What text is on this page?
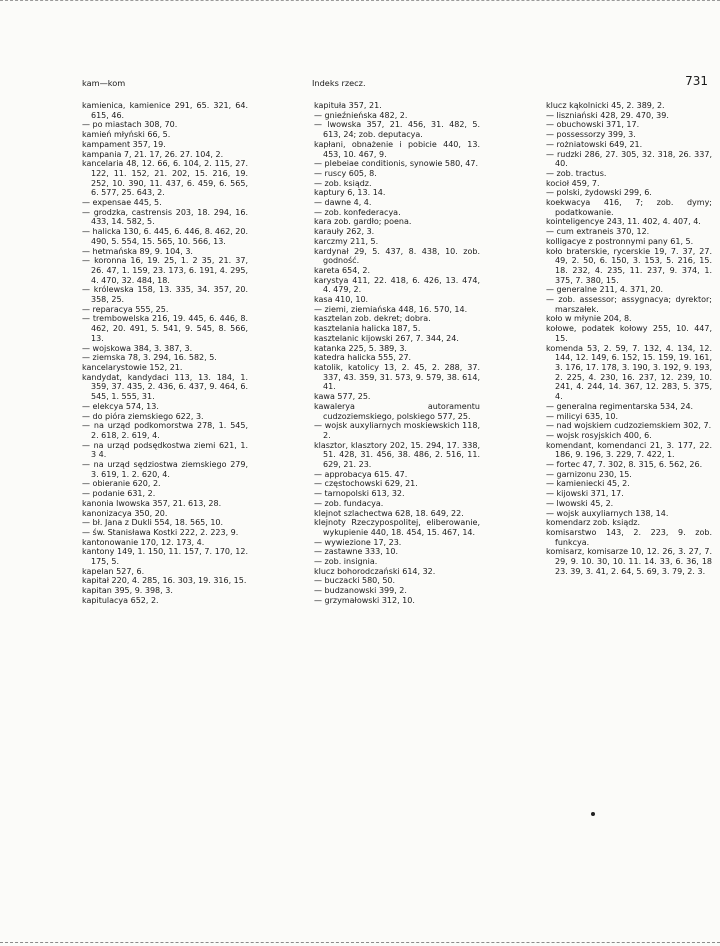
kam—kom	Indeks rzecz.	731
kamienica, kamienice 291, 65. 321, 64. 615, 46.
— po miastach 308, 70.
kamień młyński 66, 5.
kampament 357, 19.
kampania 7, 21. 17, 26. 27. 104, 2.
kancelaria 48, 12. 66, 6. 104, 2. 115, 27. 122, 11. 152, 21. 202, 15. 216, 19. 252, 10. 390, 11. 437, 6. 459, 6. 565, 6. 577, 25. 643, 2.
— expensae 445, 5.
— grodzka, castrensis 203, 18. 294, 16. 433, 14. 582, 5.
— halicka 130, 6. 445, 6. 446, 8. 462, 20. 490, 5. 554, 15. 565, 10. 566, 13.
— hetmańska 89, 9. 104, 3.
— koronna 16, 19. 25, 1. 2 35, 21. 37, 26. 47, 1. 159, 23. 173, 6. 191, 4. 295, 4. 470, 32. 484, 18.
— królewska 158, 13. 335, 34. 357, 20. 358, 25.
— reparacya 555, 25.
— trembowelska 216, 19. 445, 6. 446, 8. 462, 20. 491, 5. 541, 9. 545, 8. 566, 13.
— wojskowa 384, 3. 387, 3.
— ziemska 78, 3. 294, 16. 582, 5.
kancelarystowie 152, 21.
kandydat, kandydaci 113, 13. 184, 1. 359, 37. 435, 2. 436, 6. 437, 9. 464, 6. 545, 1. 555, 31.
— elekcya 574, 13.
— do pióra ziemskiego 622, 3.
— na urząd podkomorstwa 278, 1. 545, 2. 618, 2. 619, 4.
— na urząd podsędkostwa ziemi 621, 1. 3 4.
— na urząd sędziostwa ziemskiego 279, 3. 619, 1. 2. 620, 4.
— obieranie 620, 2.
— podanie 631, 2.
kanonia lwowska 357, 21. 613, 28.
kanonizacya 350, 20.
— bł. Jana z Dukli 554, 18. 565, 10.
— św. Stanisława Kostki 222, 2. 223, 9.
kantonowanie 170, 12. 173, 4.
kantony 149, 1. 150, 11. 157, 7. 170, 12. 175, 5.
kapelan 527, 6.
kapitał 220, 4. 285, 16. 303, 19. 316, 15.
kapitan 395, 9. 398, 3.
kapitulacya 652, 2.
kapituła 357, 21.
— gnieźnieńska 482, 2.
— lwowska 357, 21. 456, 31. 482, 5. 613, 24; zob. deputacya.
kapłani, obnażenie i pobicie 440, 13. 453, 10. 467, 9.
— plebeiae conditionis, synowie 580, 47.
— ruscy 605, 8.
— zob. ksiądz.
kaptury 6, 13. 14.
— dawne 4, 4.
— zob. konfederacya.
kara zob. gardło; poena.
karauły 262, 3.
karczmy 211, 5.
kardynał 29, 5. 437, 8. 438, 10. zob. godność.
kareta 654, 2.
karystya 411, 22. 418, 6. 426, 13. 474, 4. 479, 2.
kasa 410, 10.
— ziemi, ziemiańska 448, 16. 570, 14.
kasztelan zob. dekret; dobra.
kasztelania halicka 187, 5.
kasztelanic kijowski 267, 7. 344, 24.
katanka 225, 5. 389, 3.
katedra halicka 555, 27.
katolik, katolicy 13, 2. 45, 2. 288, 37. 337, 43. 359, 31. 573, 9. 579, 38. 614, 41.
kawa 577, 25.
kawalerya autoramentu cudzoziemskiego, polskiego 577, 25.
— wojsk auxyliarnych moskiewskich 118, 2.
klasztor, klasztory 202, 15. 294, 17. 338, 51. 428, 31. 456, 38. 486, 2. 516, 11. 629, 21. 23.
— approbacya 615. 47.
— częstochowski 629, 21.
— tarnopolski 613, 32.
— zob. fundacya.
klejnot szlachectwa 628, 18. 649, 22.
klejnoty Rzeczypospolitej, eliberowanie, wykupienie 440, 18. 454, 15. 467, 14.
— wywiezione 17, 23.
— zastawne 333, 10.
— zob. insignia.
klucz bohorodczański 614, 32.
— buczacki 580, 50.
— budzanowski 399, 2.
— grzymałowski 312, 10.
klucz kąkolnicki 45, 2. 389, 2.
— liszniański 428, 29. 470, 39.
— obuchowski 371, 17.
— possessorzy 399, 3.
— rożniatowski 649, 21.
— rudzki 286, 27. 305, 32. 318, 26. 337, 40.
— zob. tractus.
kocioł 459, 7.
— polski, żydowski 299, 6.
koekwacya 416, 7; zob. dymy; podatkowanie.
kointeligencye 243, 11. 402, 4. 407, 4.
— cum extraneis 370, 12.
kolligacye z postronnymi pany 61, 5.
koło braterskie, rycerskie 19, 7. 37, 27. 49, 2. 50, 6. 150, 3. 153, 5. 216, 15. 18. 232, 4. 235, 11. 237, 9. 374, 1. 375, 7. 380, 15.
— generalne 211, 4. 371, 20.
— zob. assessor; assygnacya; dyrektor; marszałek.
koło w młynie 204, 8.
kołowe, podatek kołowy 255, 10. 447, 15.
komenda 53, 2. 59, 7. 132, 4. 134, 12. 144, 12. 149, 6. 152, 15. 159, 19. 161, 3. 176, 17. 178, 3. 190, 3. 192, 9. 193, 2. 225, 4. 230, 16. 237, 12. 239, 10. 241, 4. 244, 14. 367, 12. 283, 5. 375, 4.
— generalna regimentarska 534, 24.
— milicyi 635, 10.
— nad wojskiem cudzoziemskiem 302, 7.
— wojsk rosyjskich 400, 6.
komendant, komendanci 21, 3. 177, 22. 186, 9. 196, 3. 229, 7. 422, 1.
— fortec 47, 7. 302, 8. 315, 6. 562, 26.
— garnizonu 230, 15.
— kamieniecki 45, 2.
— kijowski 371, 17.
— lwowski 45, 2.
— wojsk auxyliarnych 138, 14.
komendarz zob. ksiądz.
komisarstwo 143, 2. 223, 9. zob. funkcya.
komisarz, komisarze 10, 12. 26, 3. 27, 7. 29, 9. 10. 30, 10. 11. 14. 33, 6. 36, 18 23. 39, 3. 41, 2. 64, 5. 69, 3. 79, 2. 3.
